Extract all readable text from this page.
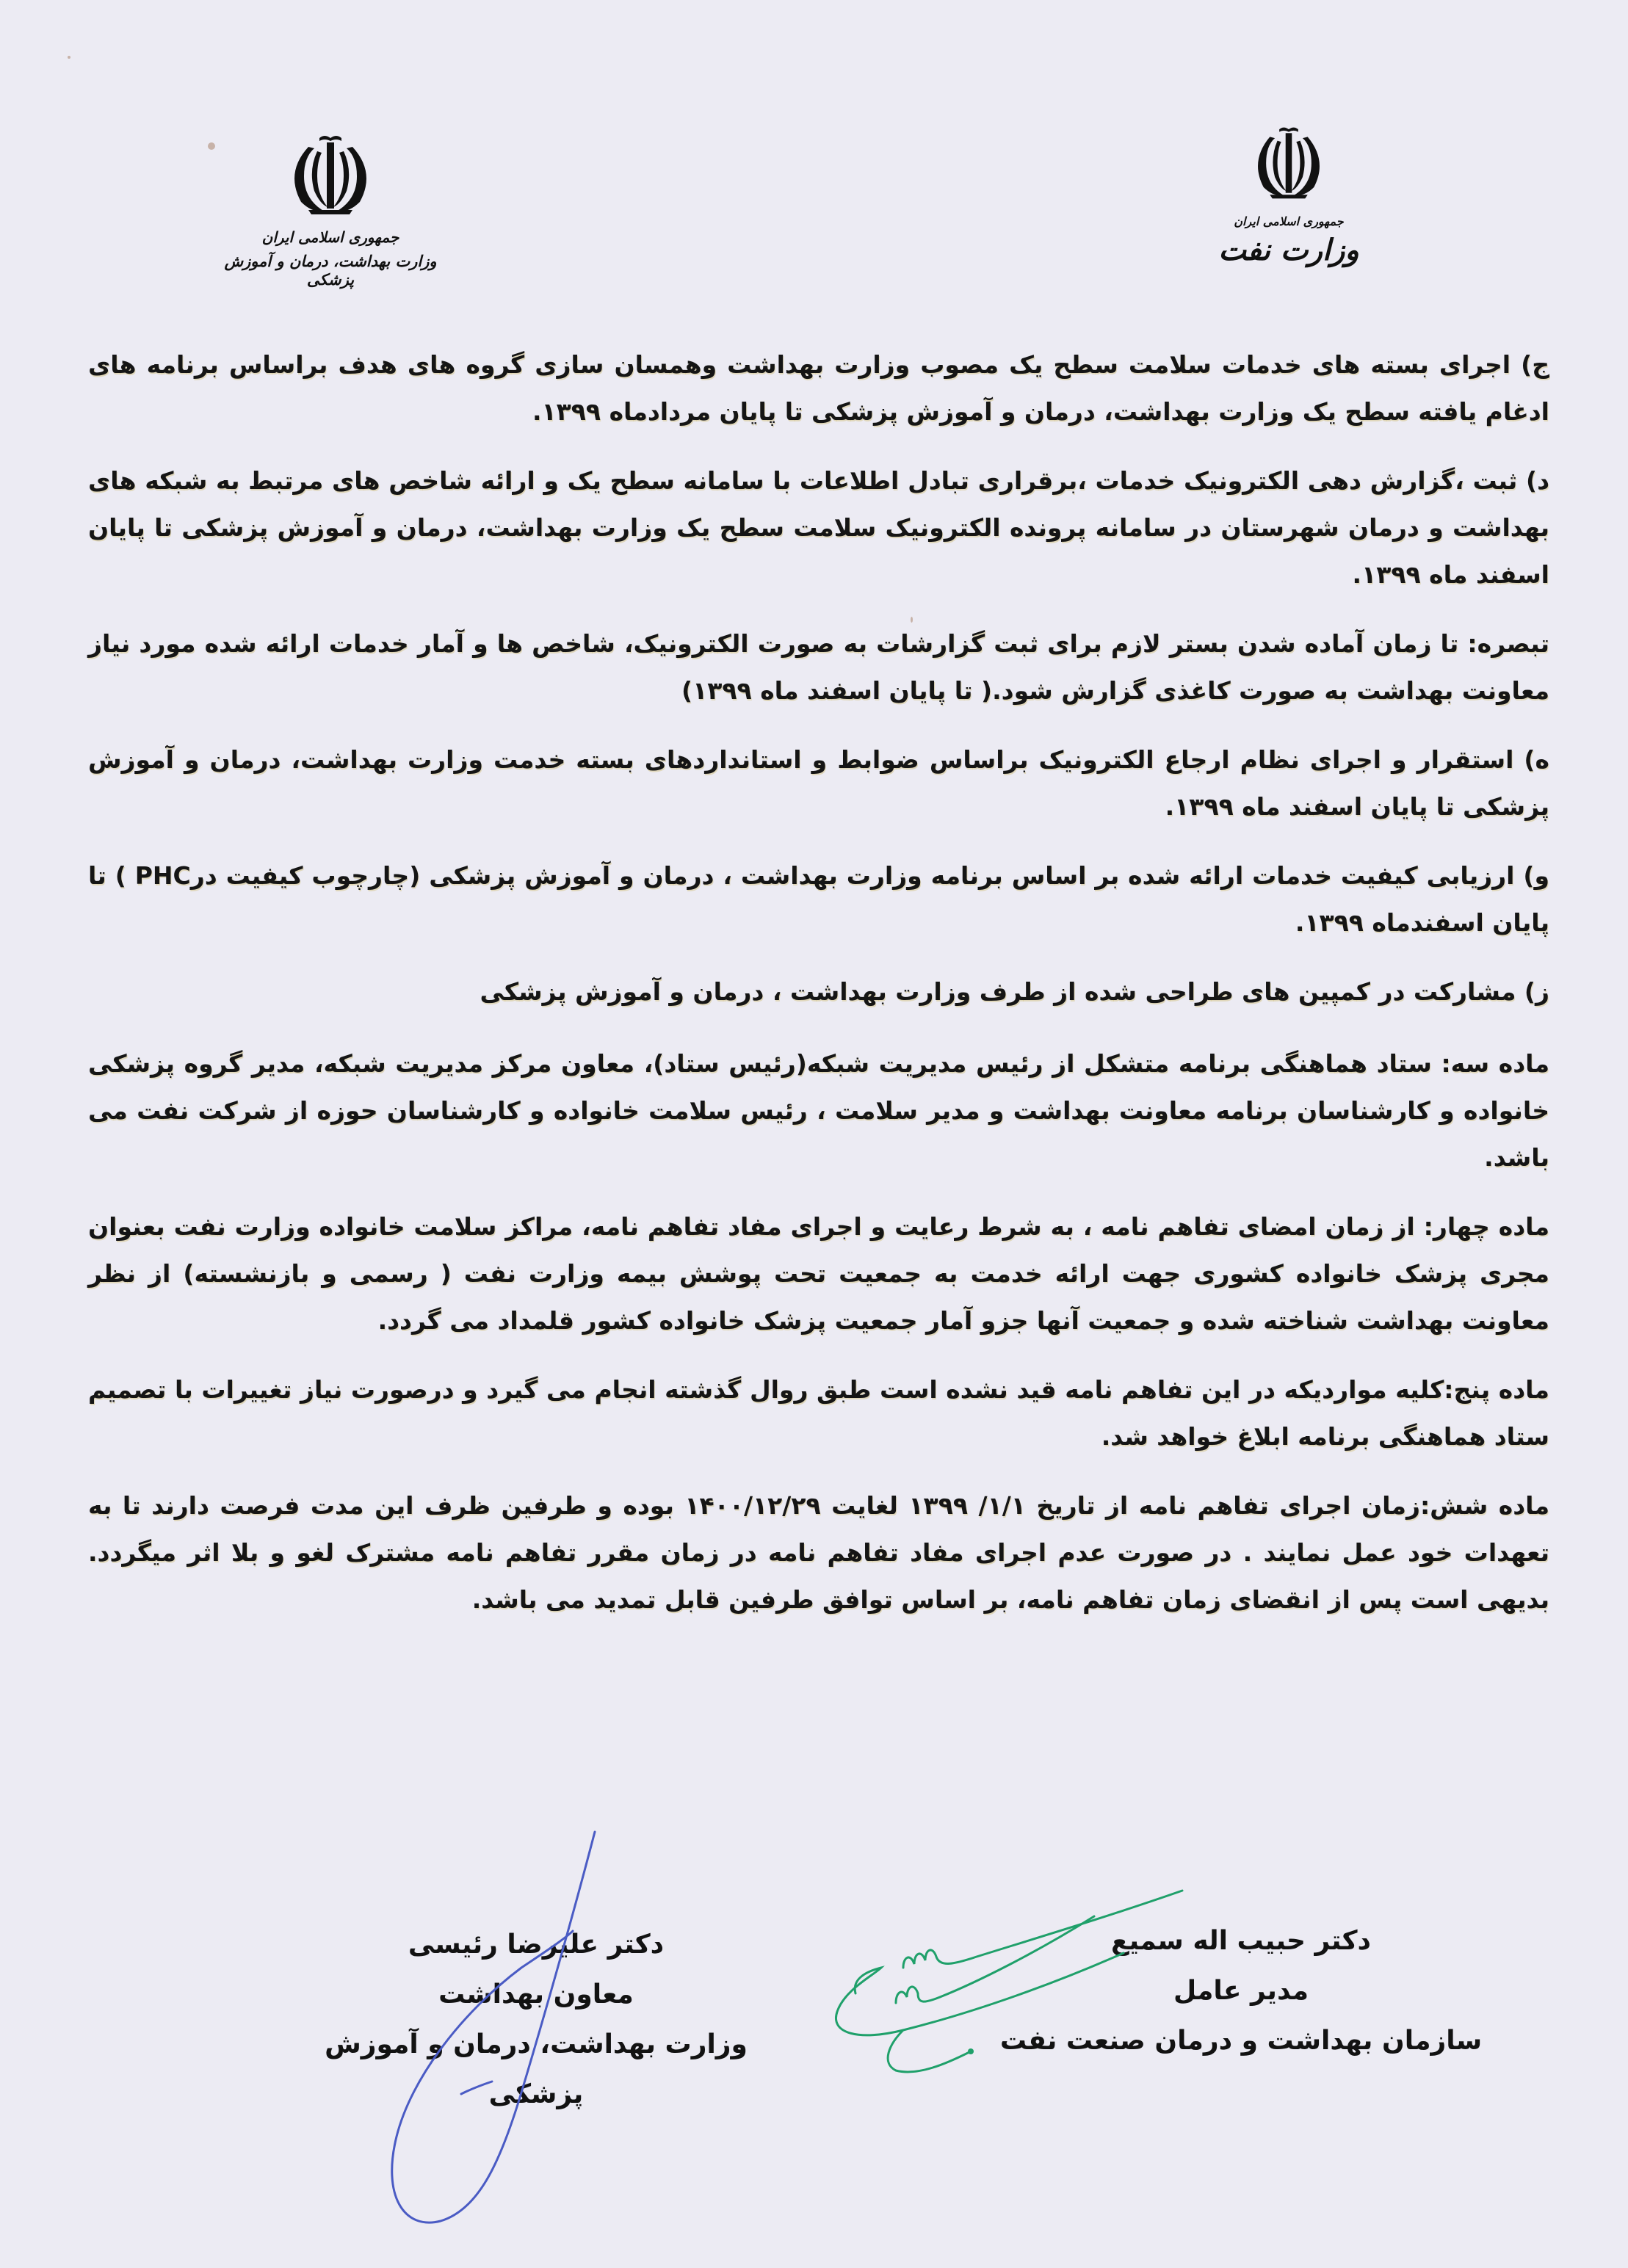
جمهوری اسلامی ایران
وزارت بهداشت، درمان و آموزش پزشکی
جمهوری اسلامی ایران
وزارت نفت

ج) اجرای بسته های خدمات سلامت سطح یک مصوب وزارت بهداشت وهمسان سازی گروه های هدف براساس برنامه های ادغام یافته سطح یک وزارت بهداشت، درمان و آموزش پزشکی تا پایان مردادماه ۱۳۹۹.

د) ثبت ،گزارش دهی الکترونیک خدمات ،برقراری تبادل اطلاعات با سامانه سطح یک و ارائه شاخص های مرتبط به شبکه های بهداشت و درمان شهرستان در سامانه پرونده الکترونیک سلامت سطح یک وزارت بهداشت، درمان و آموزش پزشکی تا پایان اسفند ماه ۱۳۹۹.

تبصره: تا زمان آماده شدن بستر لازم برای ثبت گزارشات به صورت الکترونیک، شاخص ها و آمار خدمات ارائه شده مورد نیاز معاونت بهداشت به صورت کاغذی گزارش شود.( تا پایان اسفند ماه ۱۳۹۹)

ه) استقرار و اجرای نظام ارجاع الکترونیک براساس ضوابط و استانداردهای بسته خدمت وزارت بهداشت، درمان و آموزش پزشکی تا پایان اسفند ماه ۱۳۹۹.

و) ارزیابی کیفیت خدمات ارائه شده بر اساس برنامه وزارت بهداشت ، درمان و آموزش پزشکی (چارچوب کیفیت درPHC ) تا پایان اسفندماه ۱۳۹۹.

ز) مشارکت در کمپین های طراحی شده از طرف وزارت بهداشت ، درمان و آموزش پزشکی

ماده سه: ستاد هماهنگی برنامه متشکل از رئیس مدیریت شبکه(رئیس ستاد)، معاون مرکز مدیریت شبکه، مدیر گروه پزشکی خانواده و کارشناسان برنامه معاونت بهداشت و مدیر سلامت ، رئیس سلامت خانواده و کارشناسان حوزه از شرکت نفت می باشد.

ماده چهار: از زمان امضای تفاهم نامه ، به شرط رعایت و اجرای مفاد تفاهم نامه، مراکز سلامت خانواده وزارت نفت بعنوان مجری پزشک خانواده کشوری جهت ارائه خدمت به جمعیت تحت پوشش بیمه وزارت نفت ( رسمی و بازنشسته) از نظر معاونت بهداشت شناخته شده و جمعیت آنها جزو آمار جمعیت پزشک خانواده کشور قلمداد می گردد.

ماده پنج:کلیه مواردیکه در این تفاهم نامه قید نشده است طبق روال گذشته انجام می گیرد و درصورت نیاز تغییرات با تصمیم ستاد هماهنگی برنامه ابلاغ خواهد شد.

ماده شش:زمان اجرای تفاهم نامه از تاریخ ۱/۱/ ۱۳۹۹ لغایت ۱۴۰۰/۱۲/۲۹ بوده و طرفین ظرف این مدت فرصت دارند تا به تعهدات خود عمل نمایند . در صورت عدم اجرای مفاد تفاهم نامه در زمان مقرر تفاهم نامه مشترک لغو و بلا اثر میگردد. بدیهی است پس از انقضای زمان تفاهم نامه، بر اساس توافق طرفین قابل تمدید می باشد.

دکتر علیرضا رئیسی
معاون بهداشت
وزارت بهداشت، درمان و آموزش پزشکی
دکتر حبیب اله سمیع
مدیر عامل
سازمان بهداشت و درمان صنعت نفت
